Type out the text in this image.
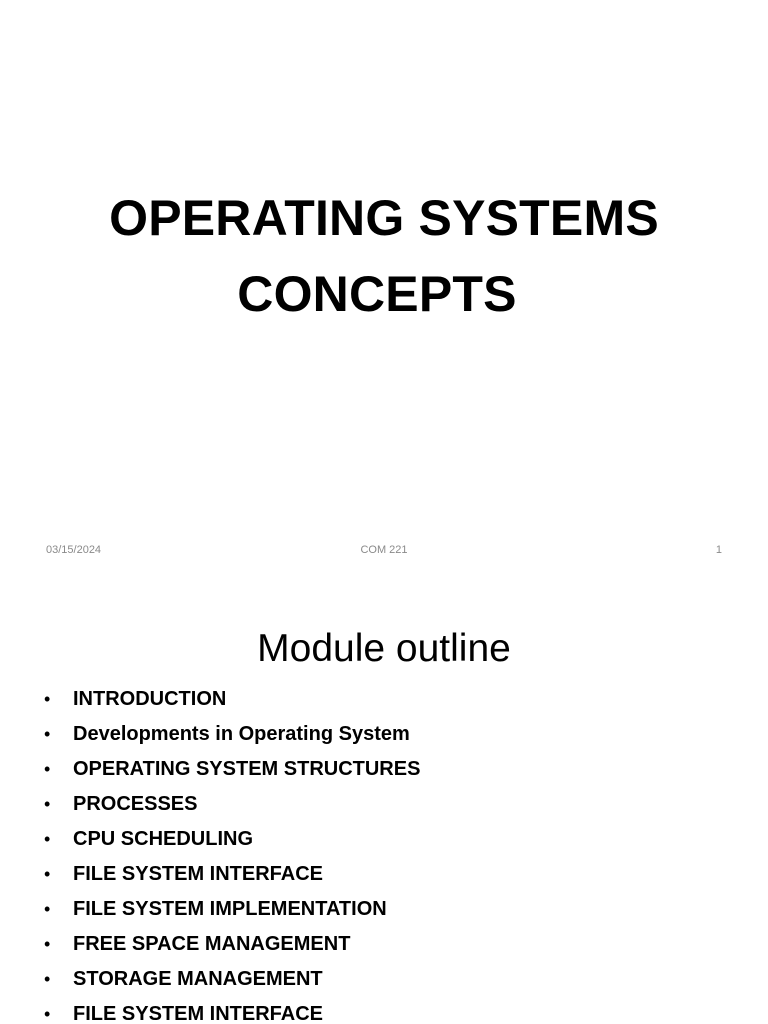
OPERATING SYSTEMS
CONCEPTS
03/15/2024	COM 221	1
Module outline
• INTRODUCTION
• Developments in Operating System
• OPERATING SYSTEM STRUCTURES
• PROCESSES
• CPU SCHEDULING
• FILE SYSTEM INTERFACE
• FILE SYSTEM IMPLEMENTATION
• FREE SPACE MANAGEMENT
• STORAGE MANAGEMENT
• FILE SYSTEM INTERFACE
